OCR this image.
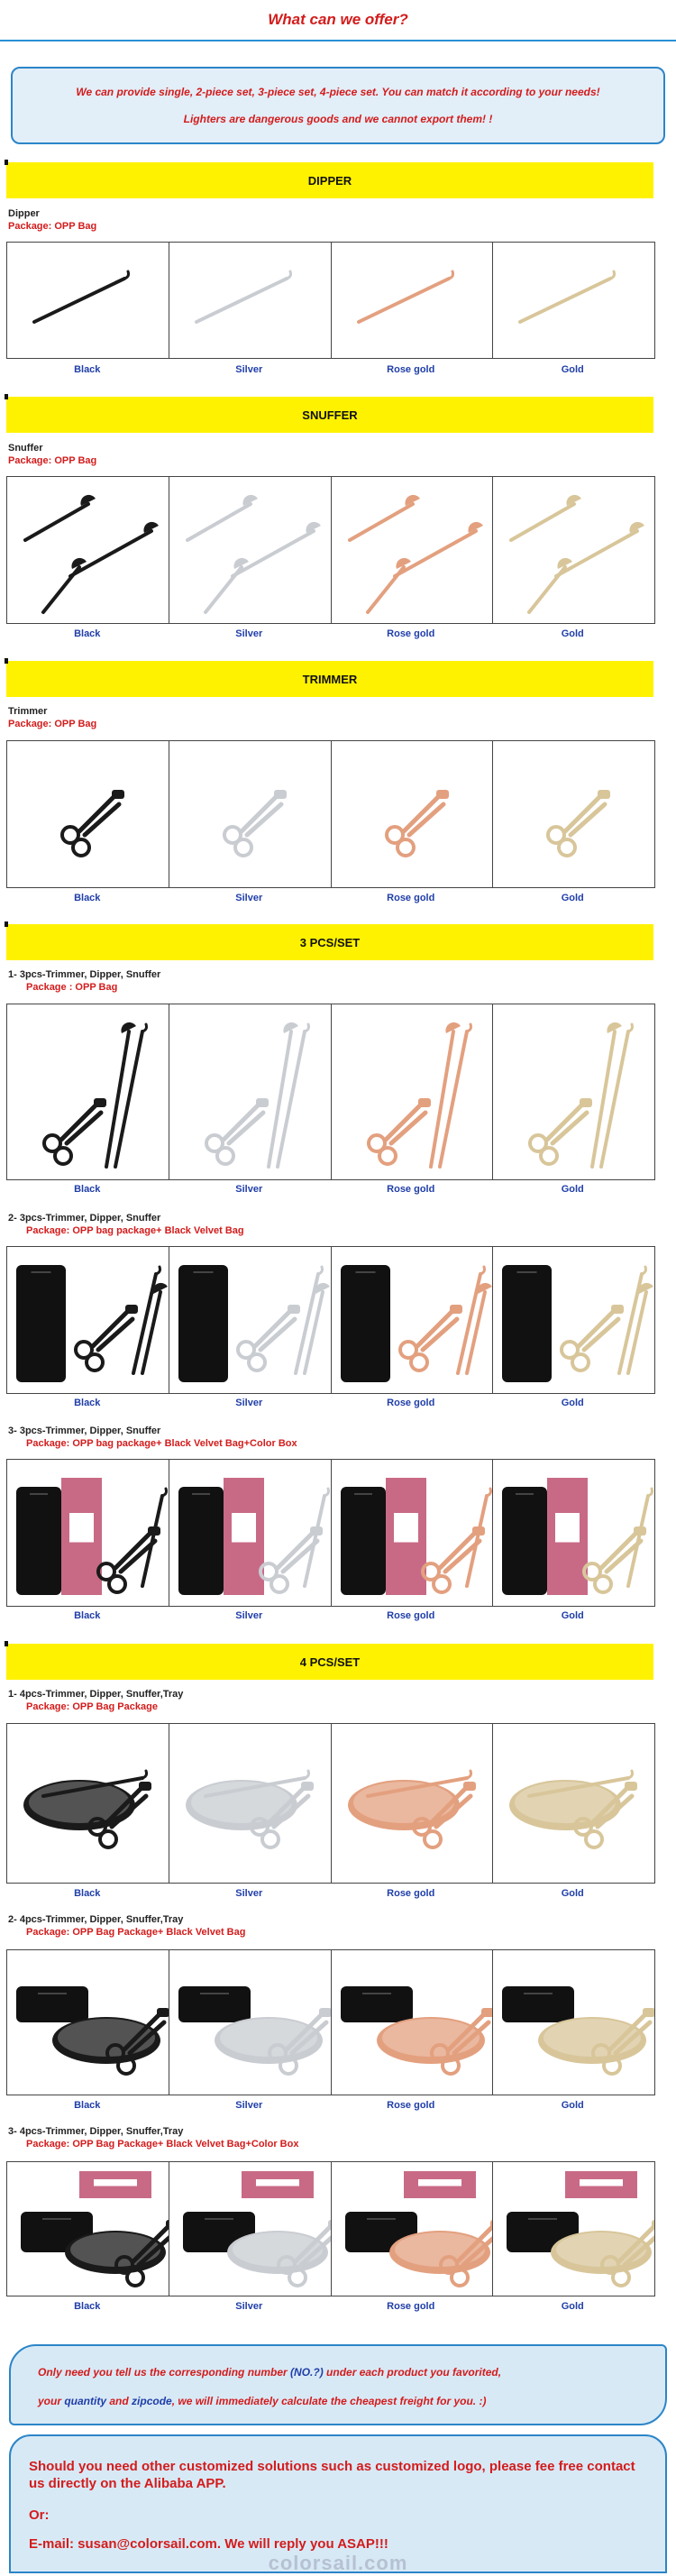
What can we offer?
We can provide single, 2-piece set, 3-piece set, 4-piece set. You can match it according to your needs!
Lighters are dangerous goods and we cannot export them! !
DIPPER
Dipper
Package: OPP Bag
Black	Silver	Rose gold	Gold
SNUFFER
Snuffer
Package: OPP Bag
Black	Silver	Rose gold	Gold
TRIMMER
Trimmer
Package: OPP Bag
Black	Silver	Rose gold	Gold
3 PCS/SET
1- 3pcs-Trimmer, Dipper, Snuffer
Package : OPP Bag
Black	Silver	Rose gold	Gold
2- 3pcs-Trimmer, Dipper, Snuffer
Package: OPP bag package+ Black Velvet Bag
Black	Silver	Rose gold	Gold
3- 3pcs-Trimmer, Dipper, Snuffer
Package: OPP bag package+ Black Velvet Bag+Color Box
Black	Silver	Rose gold	Gold
4 PCS/SET
1- 4pcs-Trimmer, Dipper, Snuffer,Tray
Package: OPP Bag Package
Black	Silver	Rose gold	Gold
2- 4pcs-Trimmer, Dipper, Snuffer,Tray
Package: OPP Bag Package+ Black Velvet Bag
Black	Silver	Rose gold	Gold
3- 4pcs-Trimmer, Dipper, Snuffer,Tray
Package: OPP Bag Package+ Black Velvet Bag+Color Box
Black	Silver	Rose gold	Gold
Only need you tell us the corresponding number (NO.?) under each product you favorited,
your quantity and zipcode, we will immediately calculate the cheapest freight for you. :)
Should you need other customized solutions such as customized logo, please fee free contact us directly on the Alibaba APP.
Or:
E-mail: susan@colorsail.com. We will reply you ASAP!!!
colorsail.com
